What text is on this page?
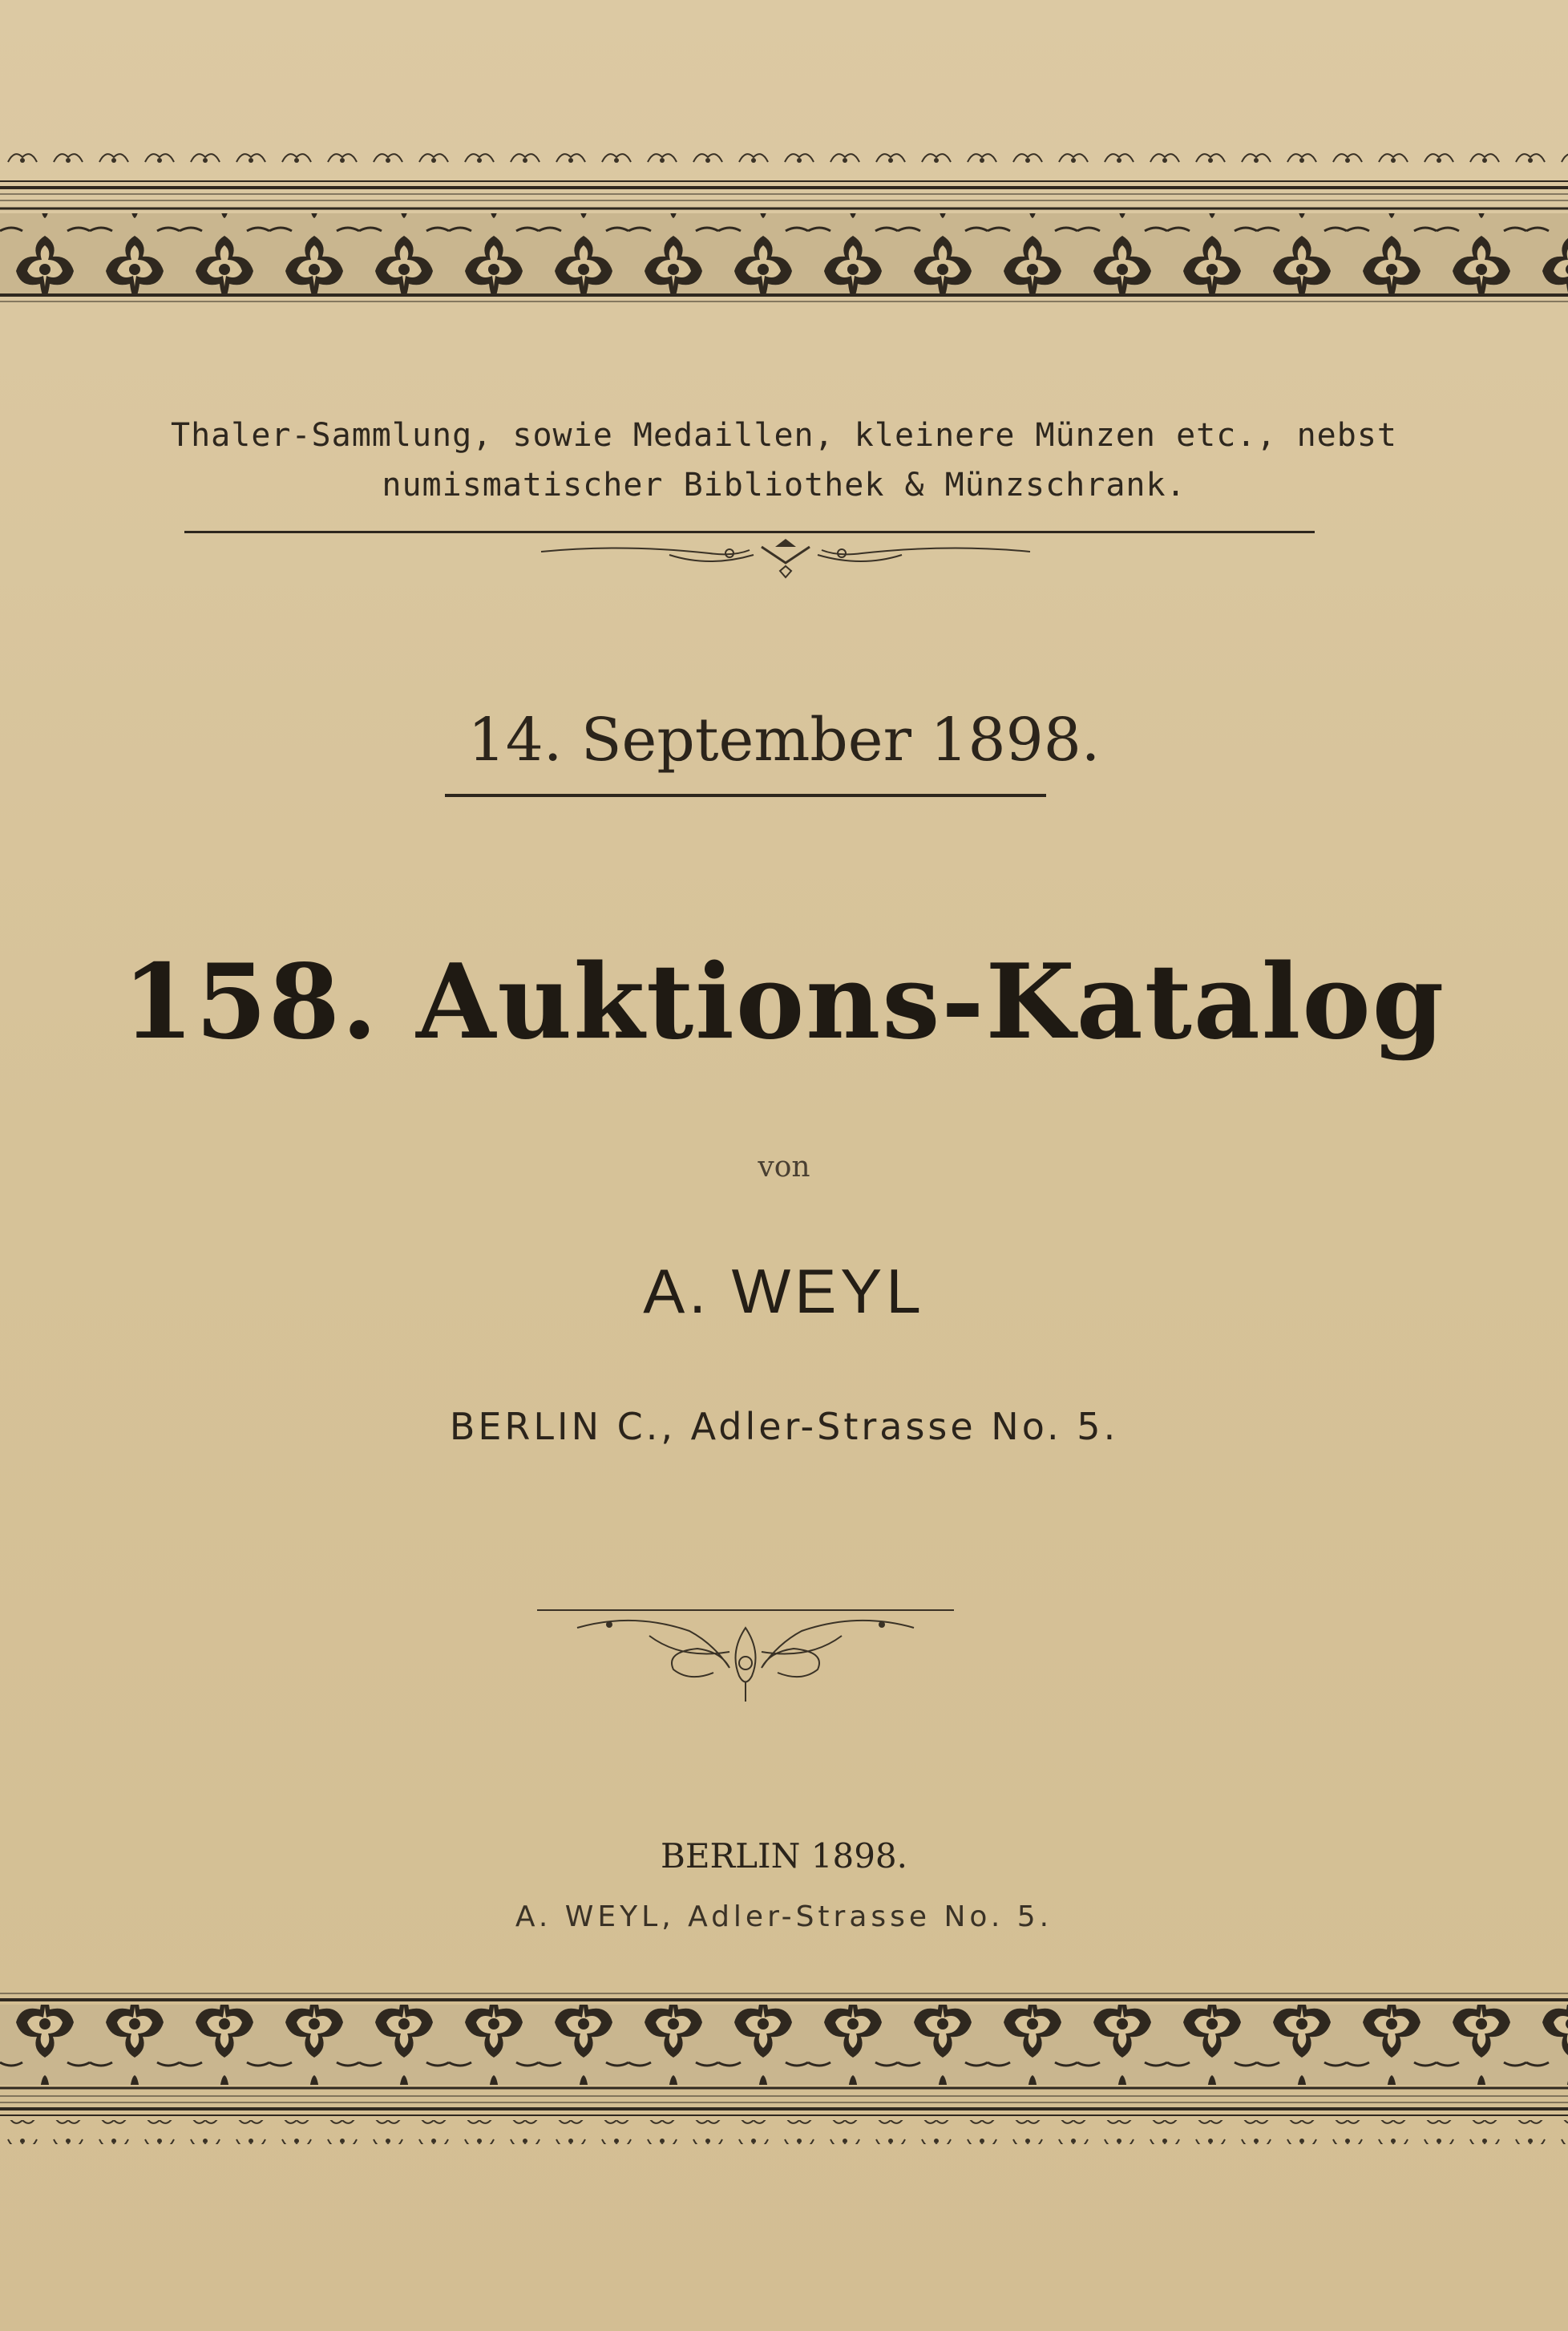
Thaler-Sammlung, sowie Medaillen, kleinere Münzen etc., nebst
numismatischer Bibliothek & Münzschrank.
14. September 1898.
158. Auktions-Katalog
von
A. WEYL
BERLIN C., Adler-Strasse No. 5.
BERLIN 1898.
A. WEYL, Adler-Strasse No. 5.
